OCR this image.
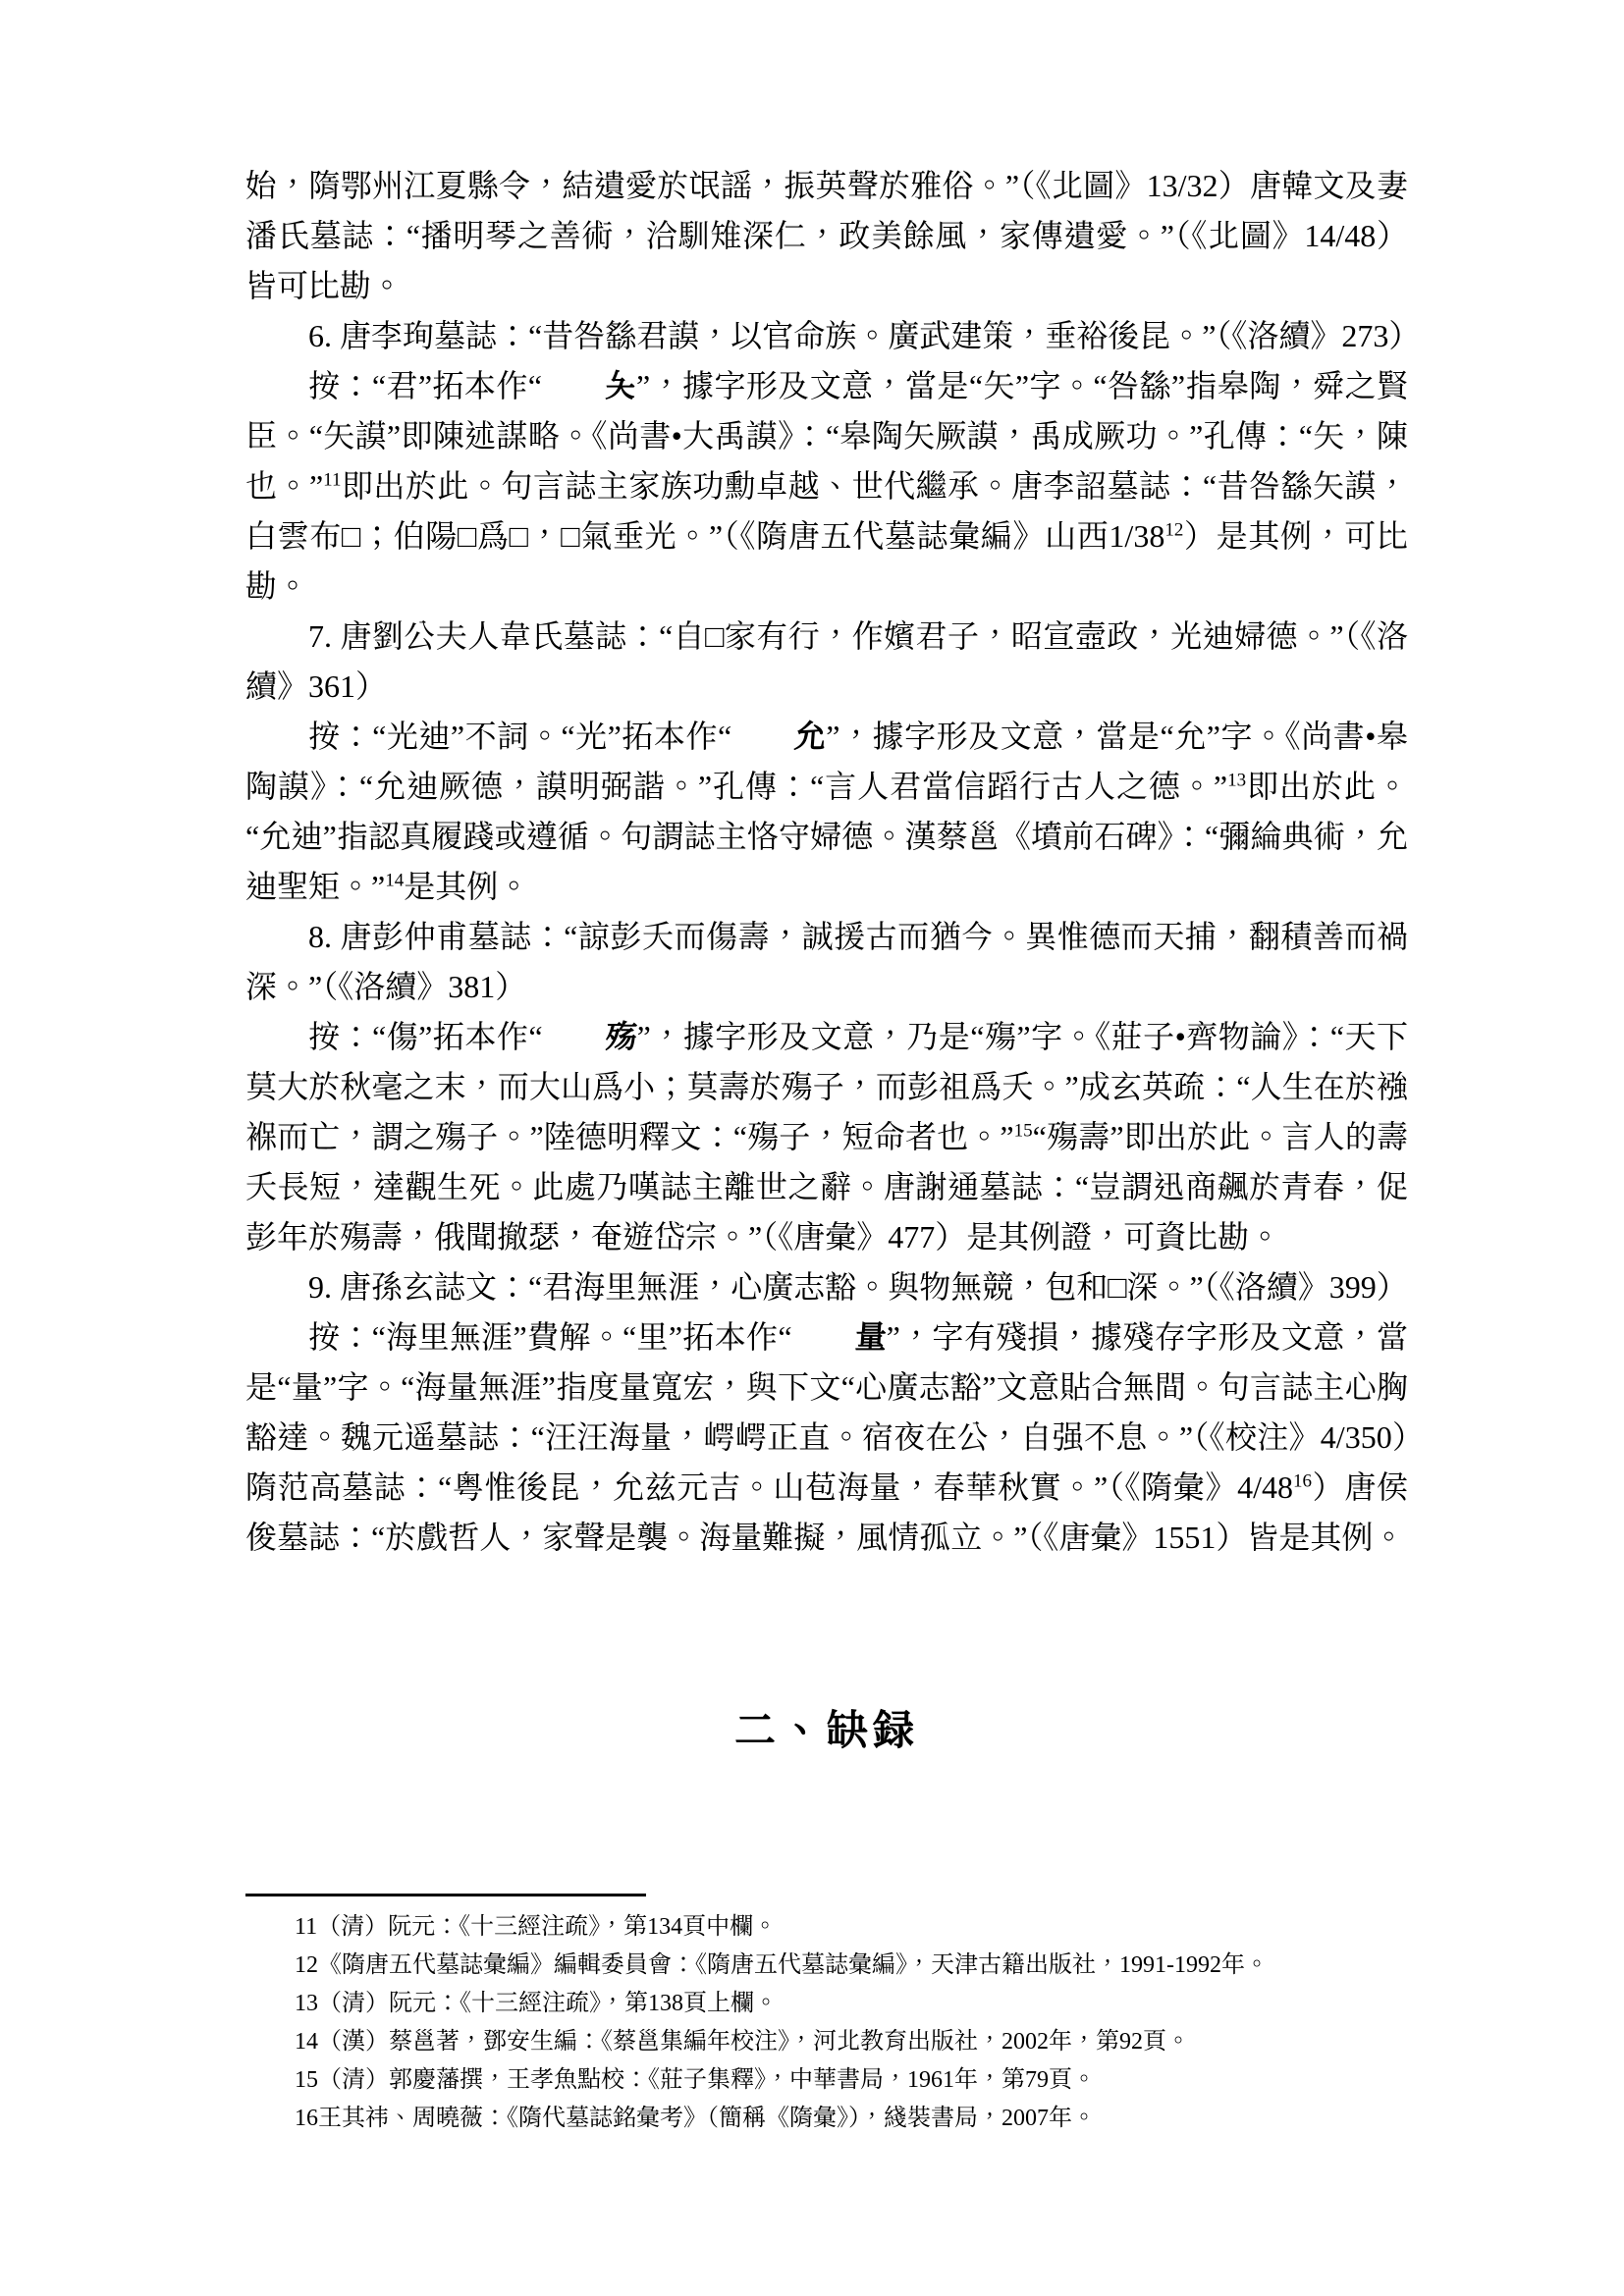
始，隋鄂州江夏縣令，結遺愛於氓謡，振英聲於雅俗。”（《北圖》13/32）唐韓文及妻潘氏墓誌：“播明琴之善術，洽馴雉深仁，政美餘風，家傳遺愛。”（《北圖》14/48）皆可比勘。

6. 唐李珣墓誌：“昔咎繇君謨，以官命族。廣武建策，垂裕後昆。”（《洛續》273）

按：“君”拓本作“ 夨”，據字形及文意，當是“矢”字。“咎繇”指皋陶，舜之賢臣。“矢謨”即陳述謀略。《尚書•大禹謨》：“皋陶矢厥謨，禹成厥功。”孔傳：“矢，陳也。”$^{11}$即出於此。句言誌主家族功勳卓越、世代繼承。唐李詔墓誌：“昔咎繇矢謨，白雲布□；伯陽□爲□，□氣垂光。”（《隋唐五代墓誌彙編》山西1/38$^{12}$）是其例，可比勘。

7. 唐劉公夫人韋氏墓誌：“自□家有行，作嬪君子，昭宣壼政，光迪婦德。”（《洛續》361）

按：“光迪”不詞。“光”拓本作“ 允”，據字形及文意，當是“允”字。《尚書•皋陶謨》：“允迪厥德，謨明弼諧。”孔傳：“言人君當信蹈行古人之德。”$^{13}$即出於此。“允迪”指認真履踐或遵循。句謂誌主恪守婦德。漢蔡邕《墳前石碑》：“彌綸典術，允迪聖矩。”$^{14}$是其例。

8. 唐彭仲甫墓誌：“諒彭夭而傷壽，誠援古而猶今。異惟德而天捕，翻積善而禍深。”（《洛續》381）

按：“傷”拓本作“ 殇”，據字形及文意，乃是“殤”字。《莊子•齊物論》：“天下莫大於秋毫之末，而大山爲小；莫壽於殤子，而彭祖爲夭。”成玄英疏：“人生在於襁褓而亡，謂之殤子。”陸德明釋文：“殤子，短命者也。”$^{15}$“殤壽”即出於此。言人的壽夭長短，達觀生死。此處乃嘆誌主離世之辭。唐謝通墓誌：“豈謂迅商飆於青春，促彭年於殤壽，俄聞撤瑟，奄遊岱宗。”（《唐彙》477）是其例證，可資比勘。

9. 唐孫玄誌文：“君海里無涯，心廣志豁。與物無競，包和□深。”（《洛續》399）

按：“海里無涯”費解。“里”拓本作“ 量”，字有殘損，據殘存字形及文意，當是“量”字。“海量無涯”指度量寬宏，與下文“心廣志豁”文意貼合無間。句言誌主心胸豁達。魏元遥墓誌：“汪汪海量，崿崿正直。宿夜在公，自强不息。”（《校注》4/350）隋范高墓誌：“粤惟後昆，允兹元吉。山苞海量，春華秋實。”（《隋彙》4/48$^{16}$）唐侯俊墓誌：“於戲哲人，家聲是襲。海量難擬，風情孤立。”（《唐彙》1551）皆是其例。

二、缺録

11（清）阮元：《十三經注疏》，第134頁中欄。

12《隋唐五代墓誌彙編》編輯委員會：《隋唐五代墓誌彙編》，天津古籍出版社，1991-1992年。

13（清）阮元：《十三經注疏》，第138頁上欄。

14（漢）蔡邕著，鄧安生編：《蔡邕集編年校注》，河北教育出版社，2002年，第92頁。

15（清）郭慶藩撰，王孝魚點校：《莊子集釋》，中華書局，1961年，第79頁。

16王其祎、周曉薇：《隋代墓誌銘彙考》（簡稱《隋彙》），綫裝書局，2007年。
